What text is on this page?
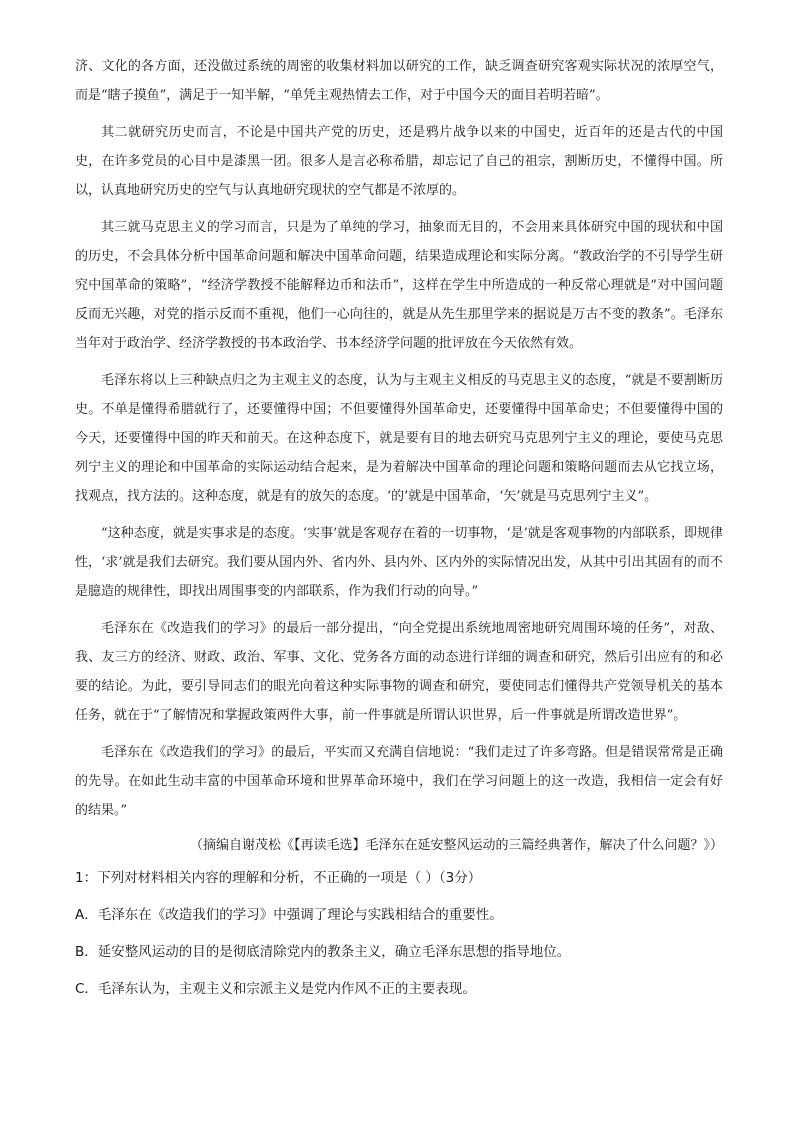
济、文化的各方面，还没做过系统的周密的收集材料加以研究的工作，缺乏调查研究客观实际状况的浓厚空气，而是“瞎子摸鱼”，满足于一知半解，“单凭主观热情去工作，对于中国今天的面目若明若暗”。

其二就研究历史而言，不论是中国共产党的历史，还是鸦片战争以来的中国史，近百年的还是古代的中国史，在许多党员的心目中是漆黑一团。很多人是言必称希腊，却忘记了自己的祖宗，割断历史，不懂得中国。所以，认真地研究历史的空气与认真地研究现状的空气都是不浓厚的。

其三就马克思主义的学习而言，只是为了单纯的学习，抽象而无目的，不会用来具体研究中国的现状和中国的历史，不会具体分析中国革命问题和解决中国革命问题，结果造成理论和实际分离。“教政治学的不引导学生研究中国革命的策略”，“经济学教授不能解释边币和法币”，这样在学生中所造成的一种反常心理就是“对中国问题反而无兴趣，对党的指示反而不重视，他们一心向往的，就是从先生那里学来的据说是万古不变的教条”。毛泽东当年对于政治学、经济学教授的书本政治学、书本经济学问题的批评放在今天依然有效。

毛泽东将以上三种缺点归之为主观主义的态度，认为与主观主义相反的马克思主义的态度，“就是不要割断历史。不单是懂得希腊就行了，还要懂得中国；不但要懂得外国革命史，还要懂得中国革命史；不但要懂得中国的今天，还要懂得中国的昨天和前天。在这种态度下，就是要有目的地去研究马克思列宁主义的理论，要使马克思列宁主义的理论和中国革命的实际运动结合起来，是为着解决中国革命的理论问题和策略问题而去从它找立场，找观点，找方法的。这种态度，就是有的放矢的态度。‘的’就是中国革命，‘矢’就是马克思列宁主义”。

“这种态度，就是实事求是的态度。‘实事’就是客观存在着的一切事物，‘是’就是客观事物的内部联系，即规律性，‘求’就是我们去研究。我们要从国内外、省内外、县内外、区内外的实际情况出发，从其中引出其固有的而不是臆造的规律性，即找出周围事变的内部联系，作为我们行动的向导。”

毛泽东在《改造我们的学习》的最后一部分提出，“向全党提出系统地周密地研究周围环境的任务”，对敌、我、友三方的经济、财政、政治、军事、文化、党务各方面的动态进行详细的调查和研究，然后引出应有的和必要的结论。为此，要引导同志们的眼光向着这种实际事物的调查和研究，要使同志们懂得共产党领导机关的基本任务，就在于“了解情况和掌握政策两件大事，前一件事就是所谓认识世界，后一件事就是所谓改造世界”。

毛泽东在《改造我们的学习》的最后，平实而又充满自信地说：“我们走过了许多弯路。但是错误常常是正确的先导。在如此生动丰富的中国革命环境和世界革命环境中，我们在学习问题上的这一改造，我相信一定会有好的结果。”

（摘编自谢茂松《【再读毛选】毛泽东在延安整风运动的三篇经典著作，解决了什么问题？》）

1：下列对材料相关内容的理解和分析，不正确的一项是（ ）（3分）

A．毛泽东在《改造我们的学习》中强调了理论与实践相结合的重要性。

B．延安整风运动的目的是彻底清除党内的教条主义，确立毛泽东思想的指导地位。

C．毛泽东认为，主观主义和宗派主义是党内作风不正的主要表现。
